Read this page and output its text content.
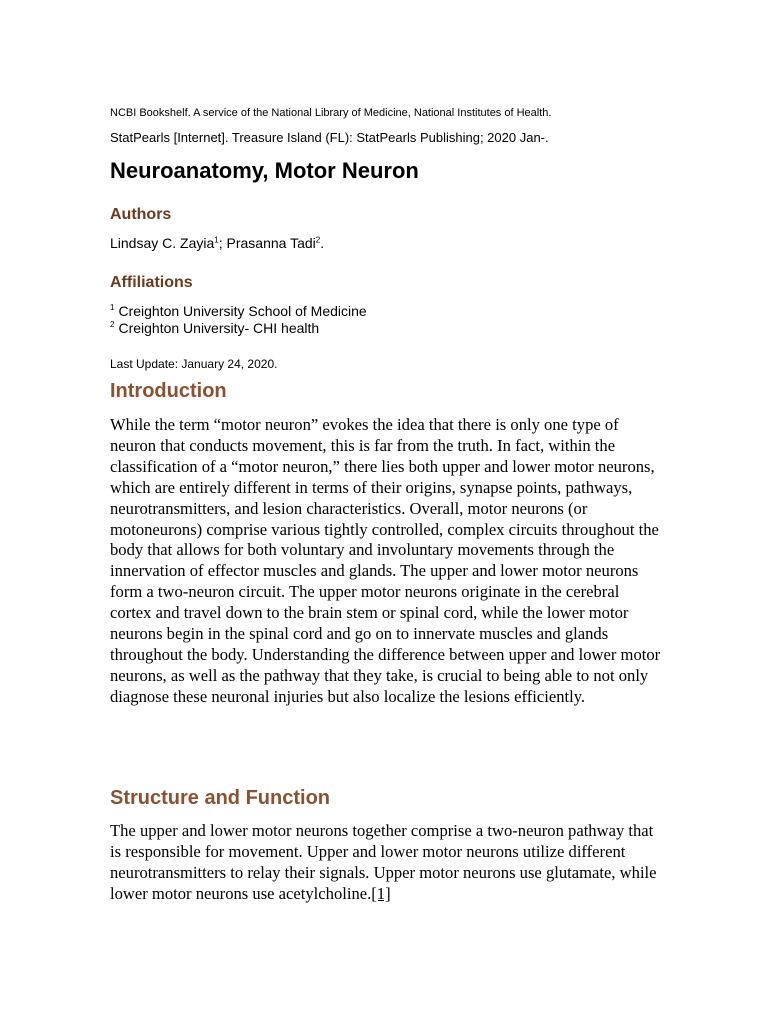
NCBI Bookshelf. A service of the National Library of Medicine, National Institutes of Health.
StatPearls [Internet]. Treasure Island (FL): StatPearls Publishing; 2020 Jan-.
Neuroanatomy, Motor Neuron
Authors
Lindsay C. Zayia$^1$; Prasanna Tadi$^2$.
Affiliations
$^1$ Creighton University School of Medicine
$^2$ Creighton University- CHI health
Last Update: January 24, 2020.
Introduction

While the term “motor neuron” evokes the idea that there is only one type of neuron that conducts movement, this is far from the truth. In fact, within the classification of a “motor neuron,” there lies both upper and lower motor neurons, which are entirely different in terms of their origins, synapse points, pathways, neurotransmitters, and lesion characteristics. Overall, motor neurons (or motoneurons) comprise various tightly controlled, complex circuits throughout the body that allows for both voluntary and involuntary movements through the innervation of effector muscles and glands. The upper and lower motor neurons form a two-neuron circuit. The upper motor neurons originate in the cerebral cortex and travel down to the brain stem or spinal cord, while the lower motor neurons begin in the spinal cord and go on to innervate muscles and glands throughout the body. Understanding the difference between upper and lower motor neurons, as well as the pathway that they take, is crucial to being able to not only diagnose these neuronal injuries but also localize the lesions efficiently.

Structure and Function

The upper and lower motor neurons together comprise a two-neuron pathway that is responsible for movement. Upper and lower motor neurons utilize different neurotransmitters to relay their signals. Upper motor neurons use glutamate, while lower motor neurons use acetylcholine.[1]
